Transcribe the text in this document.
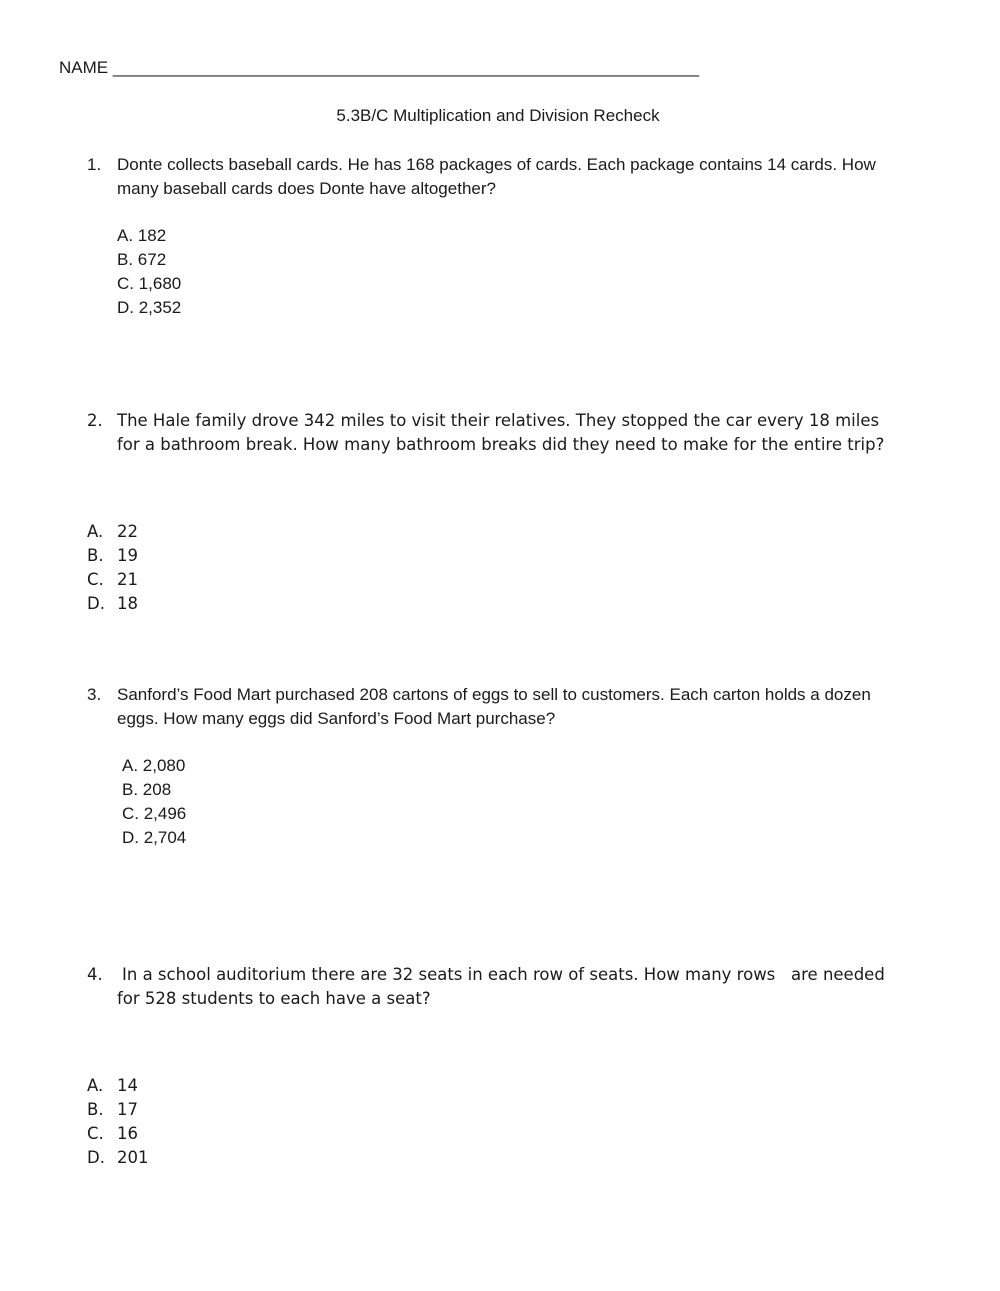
NAME ______________________________________________________________
5.3B/C Multiplication and Division Recheck
1. Donte collects baseball cards. He has 168 packages of cards. Each package contains 14 cards. How
many baseball cards does Donte have altogether?
A. 182
B. 672
C. 1,680
D. 2,352
2. The Hale family drove 342 miles to visit their relatives. They stopped the car every 18 miles
for a bathroom break. How many bathroom breaks did they need to make for the entire trip?
A. 22
B. 19
C. 21
D. 18
3. Sanford’s Food Mart purchased 208 cartons of eggs to sell to customers. Each carton holds a dozen
eggs. How many eggs did Sanford’s Food Mart purchase?
A. 2,080
B. 208
C. 2,496
D. 2,704
4. In a school auditorium there are 32 seats in each row of seats. How many rows   are needed
for 528 students to each have a seat?
A. 14
B. 17
C. 16
D. 201
